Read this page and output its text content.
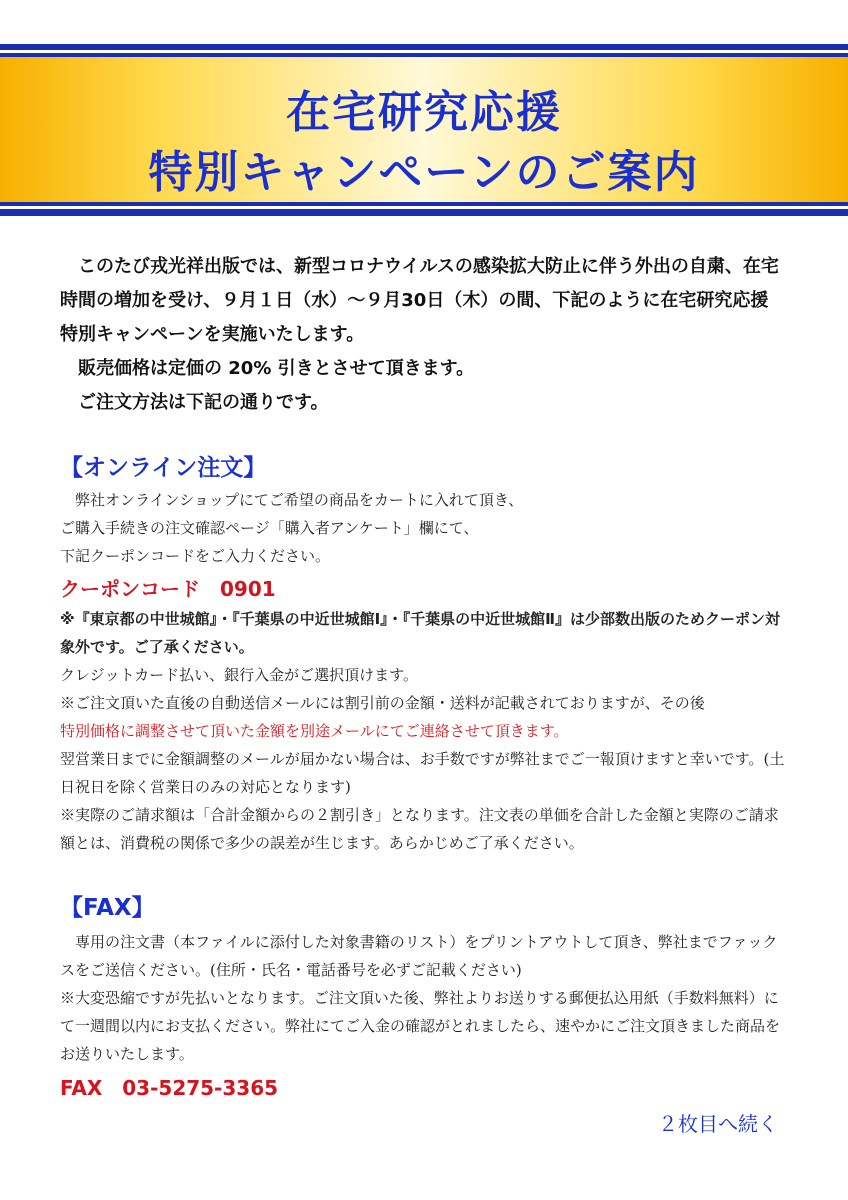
在宅研究応援
特別キャンペーンのご案内

このたび戎光祥出版では、新型コロナウイルスの感染拡大防止に伴う外出の自粛、在宅時間の増加を受け、９月１日（水）～９月30日（木）の間、下記のように在宅研究応援特別キャンペーンを実施いたします。

販売価格は定価の 20% 引きとさせて頂きます。

ご注文方法は下記の通りです。

【オンライン注文】

弊社オンラインショップにてご希望の商品をカートに入れて頂き、

ご購入手続きの注文確認ページ「購入者アンケート」欄にて、

下記クーポンコードをご入力ください。

クーポンコード　0901

※『東京都の中世城館』・『千葉県の中近世城館Ⅰ』・『千葉県の中近世城館Ⅱ』は少部数出版のためクーポン対象外です。ご了承ください。

クレジットカード払い、銀行入金がご選択頂けます。

※ご注文頂いた直後の自動送信メールには割引前の金額・送料が記載されておりますが、その後

特別価格に調整させて頂いた金額を別途メールにてご連絡させて頂きます。

翌営業日までに金額調整のメールが届かない場合は、お手数ですが弊社までご一報頂けますと幸いです。(土日祝日を除く営業日のみの対応となります)

※実際のご請求額は「合計金額からの２割引き」となります。注文表の単価を合計した金額と実際のご請求額とは、消費税の関係で多少の誤差が生じます。あらかじめご了承ください。

【FAX】

専用の注文書（本ファイルに添付した対象書籍のリスト）をプリントアウトして頂き、弊社までファックスをご送信ください。(住所・氏名・電話番号を必ずご記載ください)

※大変恐縮ですが先払いとなります。ご注文頂いた後、弊社よりお送りする郵便払込用紙（手数料無料）にて一週間以内にお支払ください。弊社にてご入金の確認がとれましたら、速やかにご注文頂きました商品をお送りいたします。

FAX　03-5275-3365
２枚目へ続く
